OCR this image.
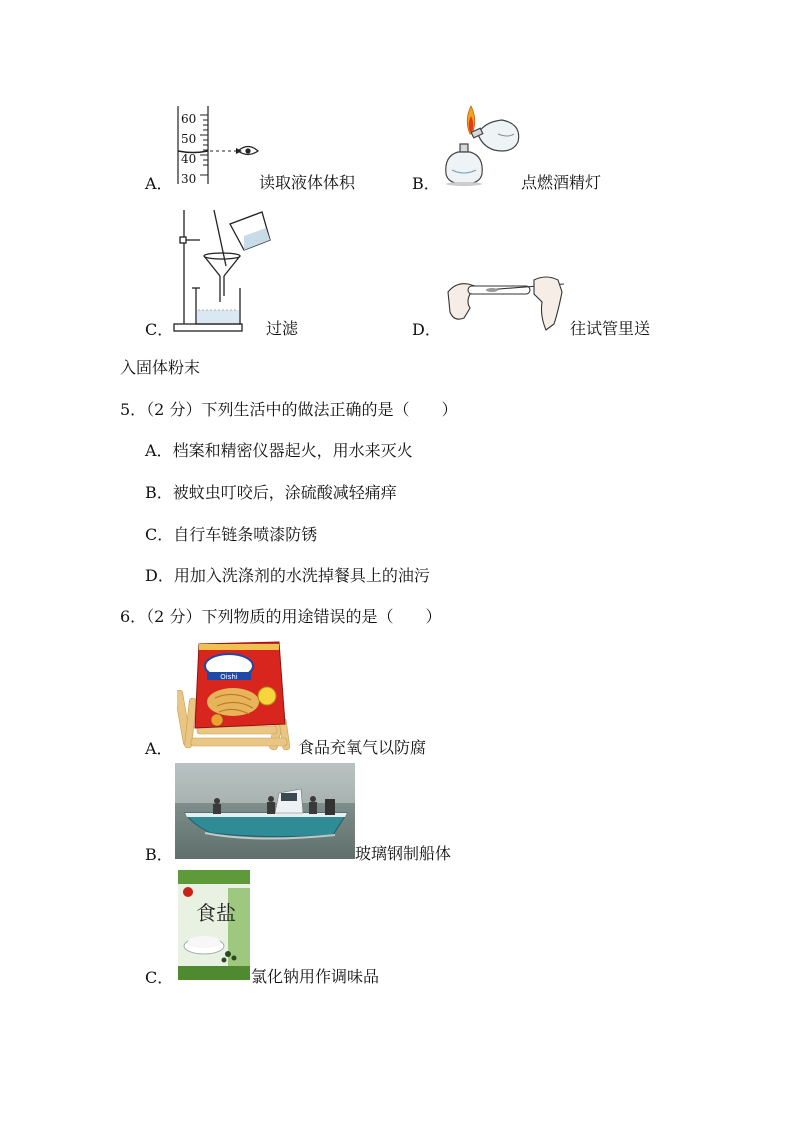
60
50
40
30
A．	读取液体体积	B．	点燃酒精灯
C．	过滤	D．	往试管里送
入固体粉末
5．（2 分）下列生活中的做法正确的是（　　）
A．档案和精密仪器起火，用水来灭火
B．被蚊虫叮咬后，涂硫酸减轻痛痒
C．自行车链条喷漆防锈
D．用加入洗涤剂的水洗掉餐具上的油污
6．（2 分）下列物质的用途错误的是（　　）
Oishi
A．	食品充氧气以防腐
B．	玻璃钢制船体
食盐
C．	氯化钠用作调味品
